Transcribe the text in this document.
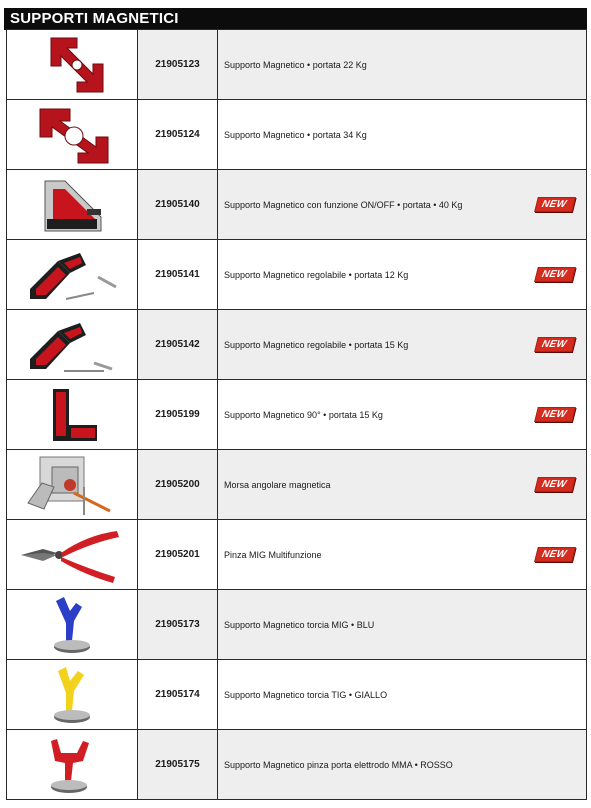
SUPPORTI MAGNETICI
21905123	Supporto Magnetico • portata 22 Kg
21905124	Supporto Magnetico • portata 34 Kg
21905140	Supporto Magnetico con funzione ON/OFF • portata • 40 Kg	NEW
21905141	Supporto Magnetico regolabile • portata 12 Kg	NEW
21905142	Supporto Magnetico regolabile • portata 15 Kg	NEW
21905199	Supporto Magnetico 90° • portata 15 Kg	NEW
21905200	Morsa angolare magnetica	NEW
21905201	Pinza MIG Multifunzione	NEW
21905173	Supporto Magnetico torcia MIG • BLU
21905174	Supporto Magnetico torcia TIG • GIALLO
21905175	Supporto Magnetico pinza porta elettrodo MMA • ROSSO
